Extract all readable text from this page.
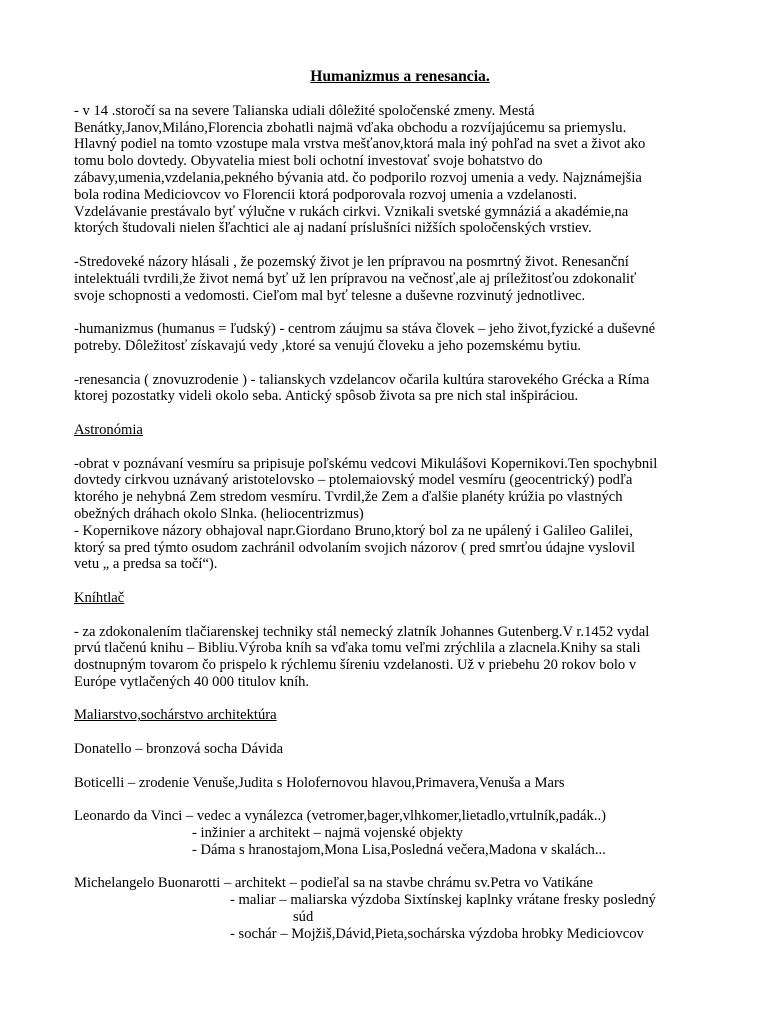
Humanizmus a renesancia.

- v 14 .storočí sa na severe Talianska udiali dôležité spoločenské zmeny. Mestá
Benátky,Janov,Miláno,Florencia zbohatli najmä vďaka obchodu a rozvíjajúcemu sa priemyslu.
Hlavný podiel na tomto vzostupe mala vrstva mešťanov,ktorá mala iný pohľad na svet a život ako
tomu bolo dovtedy. Obyvatelia miest boli ochotní investovať svoje bohatstvo do
zábavy,umenia,vzdelania,pekného bývania atd. čo podporilo rozvoj umenia a vedy. Najznámejšia
bola rodina Mediciovcov vo Florencii ktorá podporovala rozvoj umenia a vzdelanosti.
Vzdelávanie prestávalo byť výlučne v rukách cirkvi. Vznikali svetské gymnáziá a akadémie,na
ktorých študovali nielen šľachtici ale aj nadaní príslušníci nižších spoločenských vrstiev.

-Stredoveké názory hlásali , že pozemský život je len prípravou na posmrtný život. Renesanční
intelektuáli tvrdili,že život nemá byť už len prípravou na večnosť,ale aj príležitosťou zdokonaliť
svoje schopnosti a vedomosti. Cieľom mal byť telesne a duševne rozvinutý jednotlivec.

-humanizmus (humanus = ľudský) - centrom záujmu sa stáva človek – jeho život,fyzické a duševné
potreby. Dôležitosť získavajú vedy ,ktoré sa venujú človeku a jeho pozemskému bytiu.

-renesancia ( znovuzrodenie ) - talianskych vzdelancov očarila kultúra starovekého Grécka a Ríma
ktorej pozostatky videli okolo seba. Antický spôsob života sa pre nich stal inšpiráciou.

Astronómia

-obrat v poznávaní vesmíru sa pripisuje poľskému vedcovi Mikulášovi Kopernikovi.Ten spochybnil
dovtedy cirkvou uznávaný aristotelovsko – ptolemaiovský model vesmíru (geocentrický) podľa
ktorého je nehybná Zem stredom vesmíru. Tvrdil,že Zem a ďalšie planéty krúžia po vlastných
obežných dráhach okolo Slnka. (heliocentrizmus)
- Kopernikove názory obhajoval napr.Giordano Bruno,ktorý bol za ne upálený i Galileo Galilei,
ktorý sa pred týmto osudom zachránil odvolaním svojich názorov ( pred smrťou údajne vyslovil
vetu „ a predsa sa točí“).

Kníhtlač

- za zdokonalením tlačiarenskej techniky stál nemecký zlatník Johannes Gutenberg.V r.1452 vydal
prvú tlačenú knihu – Bibliu.Výroba kníh sa vďaka tomu veľmi zrýchlila a zlacnela.Knihy sa stali
dostnupným tovarom čo prispelo k rýchlemu šíreniu vzdelanosti. Už v priebehu 20 rokov bolo v
Európe vytlačených 40 000 titulov kníh.

Maliarstvo,sochárstvo architektúra

Donatello – bronzová socha Dávida

Boticelli – zrodenie Venuše,Judita s Holofernovou hlavou,Primavera,Venuša a Mars

Leonardo da Vinci – vedec a vynálezca (vetromer,bager,vlhkomer,lietadlo,vrtulník,padák..)
- inžinier a architekt – najmä vojenské objekty
- Dáma s hranostajom,Mona Lisa,Posledná večera,Madona v skalách...
Michelangelo Buonarotti – architekt – podieľal sa na stavbe chrámu sv.Petra vo Vatikáne
- maliar – maliarska výzdoba Sixtínskej kaplnky vrátane fresky posledný
súd
- sochár – Mojžiš,Dávid,Pieta,sochárska výzdoba hrobky Mediciovcov
